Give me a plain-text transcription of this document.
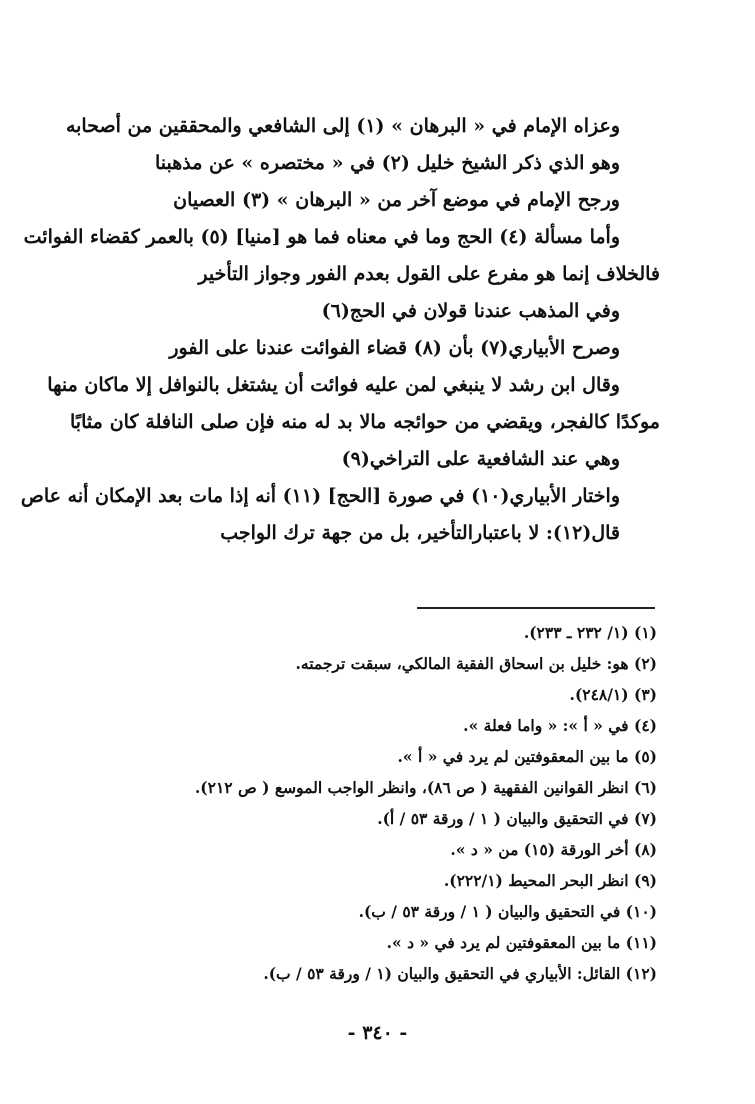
وعزاه الإمام في « البرهان » (١) إلى الشافعي والمحققين من أصحابه
وهو الذي ذكر الشيخ خليل (٢) في « مختصره » عن مذهبنا
ورجح الإمام في موضع آخر من « البرهان » (٣) العصيان
وأما مسألة (٤) الحج وما في معناه فما هو [منيا] (٥) بالعمر كقضاء الفوائت
فالخلاف إنما هو مفرع على القول بعدم الفور وجواز التأخير
وفي المذهب عندنا قولان في الحج(٦)
وصرح الأبياري(٧) بأن (٨) قضاء الفوائت عندنا على الفور
وقال ابن رشد لا ينبغي لمن عليه فوائت أن يشتغل بالنوافل إلا ماكان منها
موكدًا كالفجر، ويقضي من حوائجه مالا بد له منه فإن صلى النافلة كان مثابًا
وهي عند الشافعية على التراخي(٩)
واختار الأبياري(١٠) في صورة [الحج] (١١) أنه إذا مات بعد الإمكان أنه عاص
قال(١٢): لا باعتبارالتأخير، بل من جهة ترك الواجب
(١) (١/ ٢٣٢ ـ ٢٣٣).
(٢) هو: خليل بن اسحاق الفقية المالكي، سبقت ترجمته.
(٣) (٢٤٨/١).
(٤) في « أ »: « واما فعلة ».
(٥) ما بين المعقوفتين لم يرد في « أ ».
(٦) انظر القوانين الفقهية ( ص ٨٦)، وانظر الواجب الموسع ( ص ٢١٢).
(٧) في التحقيق والبيان ( ١ / ورقة ٥٣ / أ).
(٨) أخر الورقة (١٥) من « د ».
(٩) انظر البحر المحيط (٢٢٢/١).
(١٠) في التحقيق والبيان ( ١ / ورقة ٥٣ / ب).
(١١) ما بين المعقوفتين لم يرد في « د ».
(١٢) القائل: الأبياري في التحقيق والبيان (١ / ورقة ٥٣ / ب).
- ٣٤٠ -
